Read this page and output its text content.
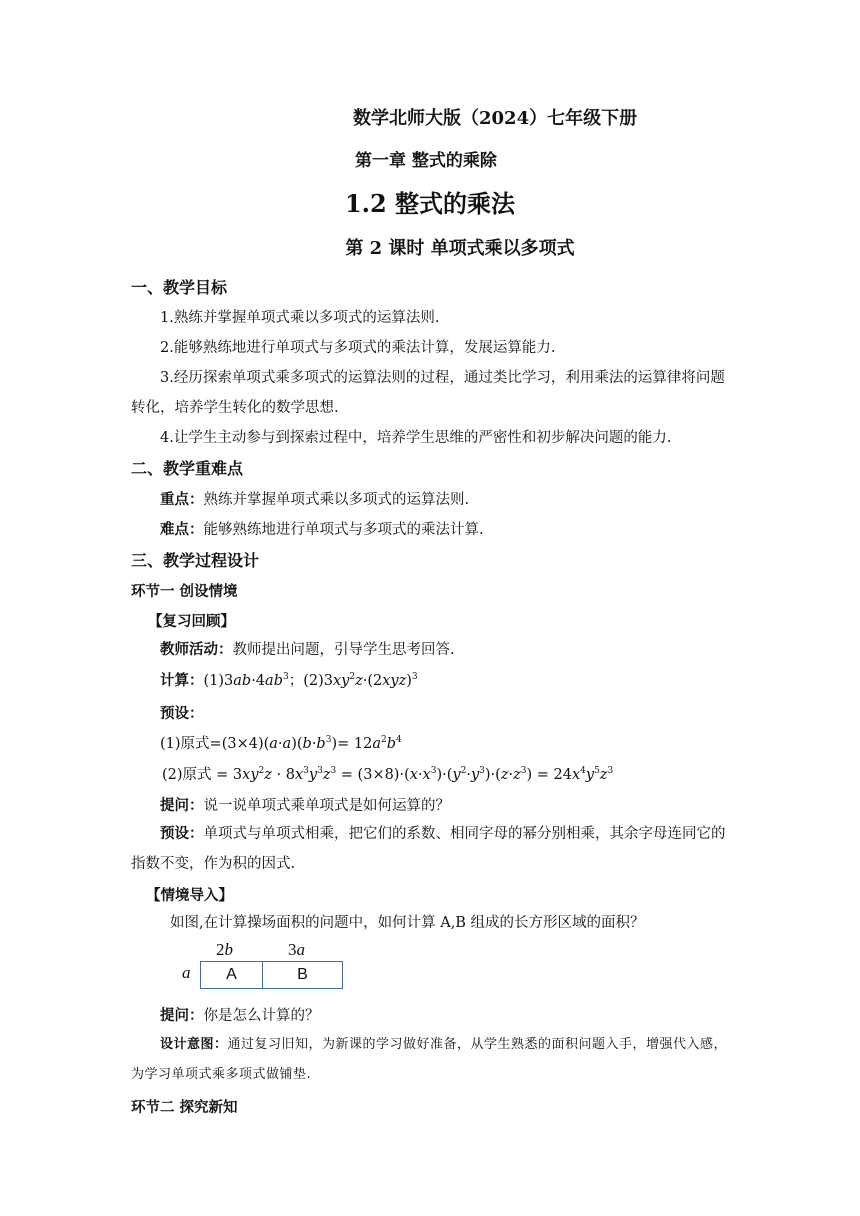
数学北师大版（2024）七年级下册
第一章 整式的乘除
1.2 整式的乘法
第 2 课时 单项式乘以多项式
一、教学目标
1.熟练并掌握单项式乘以多项式的运算法则.
2.能够熟练地进行单项式与多项式的乘法计算，发展运算能力.
3.经历探索单项式乘多项式的运算法则的过程，通过类比学习，利用乘法的运算律将问题转化，培养学生转化的数学思想.
4.让学生主动参与到探索过程中，培养学生思维的严密性和初步解决问题的能力.
二、教学重难点
重点：熟练并掌握单项式乘以多项式的运算法则.
难点：能够熟练地进行单项式与多项式的乘法计算.
三、教学过程设计
环节一 创设情境
【复习回顾】
教师活动：教师提出问题，引导学生思考回答.
计算：$(1)3ab\cdot 4ab^3$；$(2)3xy^2z\cdot(2xyz)^3$
预设：
(1)原式$=(3\times 4)(a\cdot a)(b\cdot b^3)= 12a^2b^4$
(2)原式 = $3xy^2z \cdot 8x^3y^3z^3 = (3\times 8)\cdot(x\cdot x^3)\cdot(y^2\cdot y^3)\cdot(z\cdot z^3) = 24x^4y^5z^3$
提问：说一说单项式乘单项式是如何运算的？
预设：单项式与单项式相乘，把它们的系数、相同字母的幂分别相乘，其余字母连同它的指数不变，作为积的因式.
【情境导入】
如图,在计算操场面积的问题中，如何计算 A,B 组成的长方形区域的面积？
2b	3a
a	A	B
提问：你是怎么计算的？
设计意图：通过复习旧知，为新课的学习做好准备，从学生熟悉的面积问题入手，增强代入感，为学习单项式乘多项式做铺垫.
环节二 探究新知
